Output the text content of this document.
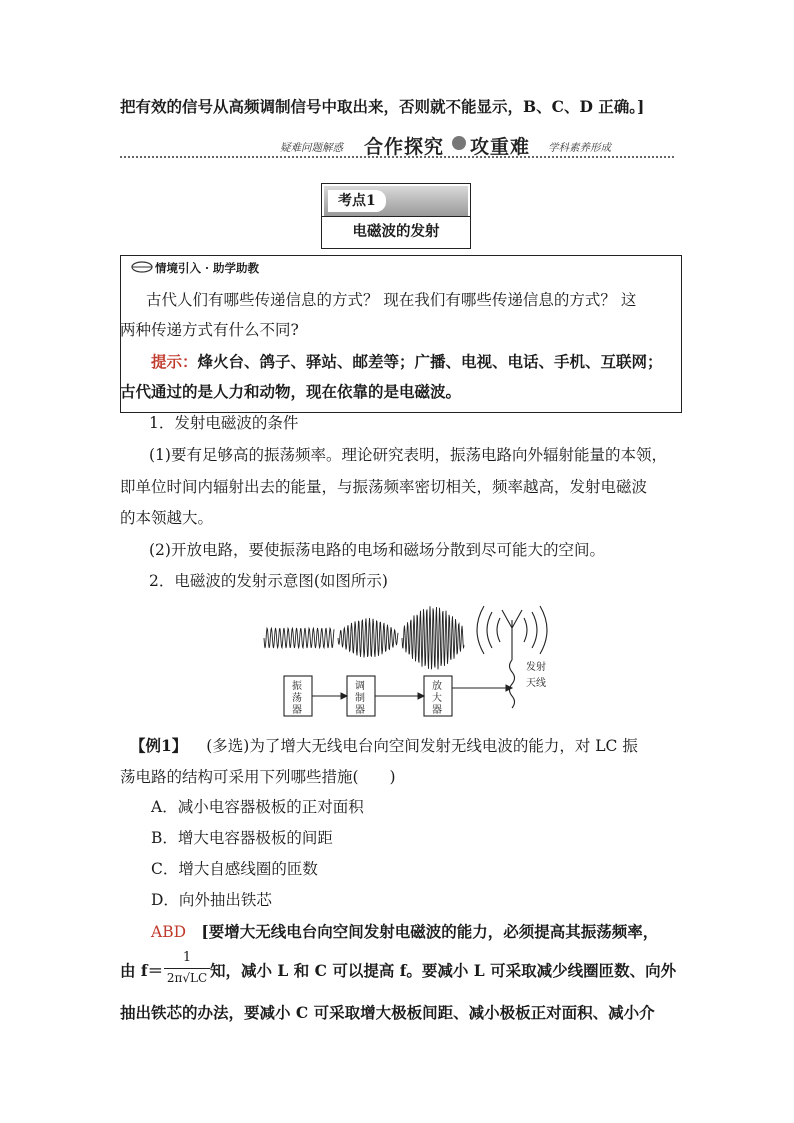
把有效的信号从高频调制信号中取出来，否则就不能显示，B、C、D 正确。]
疑难问题解惑 合作探究 攻重难 学科素养形成
考点1
电磁波的发射
情境引入 · 助学助教
古代人们有哪些传递信息的方式？ 现在我们有哪些传递信息的方式？ 这
两种传递方式有什么不同?
提示：烽火台、鸽子、驿站、邮差等；广播、电视、电话、手机、互联网；
古代通过的是人力和动物，现在依靠的是电磁波。
1．发射电磁波的条件
(1)要有足够高的振荡频率。理论研究表明，振荡电路向外辐射能量的本领，
即单位时间内辐射出去的能量，与振荡频率密切相关，频率越高，发射电磁波
的本领越大。
(2)开放电路，要使振荡电路的电场和磁场分散到尽可能大的空间。
2．电磁波的发射示意图(如图所示)
振
荡
器
调
制
器
放
大
器
发射
天线
【例1】 (多选)为了增大无线电台向空间发射无线电波的能力，对 LC 振
荡电路的结构可采用下列哪些措施(　　)
A．减小电容器极板的正对面积
B．增大电容器极板的间距
C．增大自感线圈的匝数
D．向外抽出铁芯
ABD [要增大无线电台向空间发射电磁波的能力，必须提高其振荡频率，
由 f＝
1
2π√LC 知，减小 L 和 C 可以提高 f。要减小 L 可采取减少线圈匝数、向外
抽出铁芯的办法，要减小 C 可采取增大极板间距、减小极板正对面积、减小介
